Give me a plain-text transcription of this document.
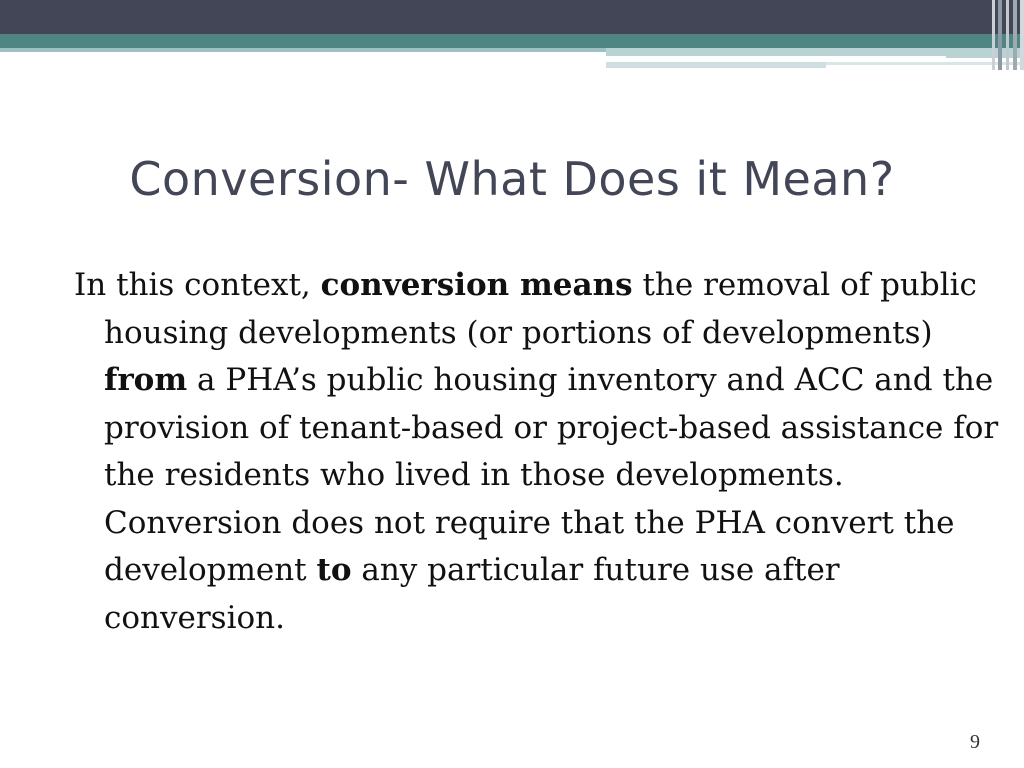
Conversion- What Does it Mean?

In this context, conversion means the removal of public housing developments (or portions of developments) from a PHA’s public housing inventory and ACC and the provision of tenant-based or project-based assistance for the residents who lived in those developments. Conversion does not require that the PHA convert the development to any particular future use after conversion.

9
